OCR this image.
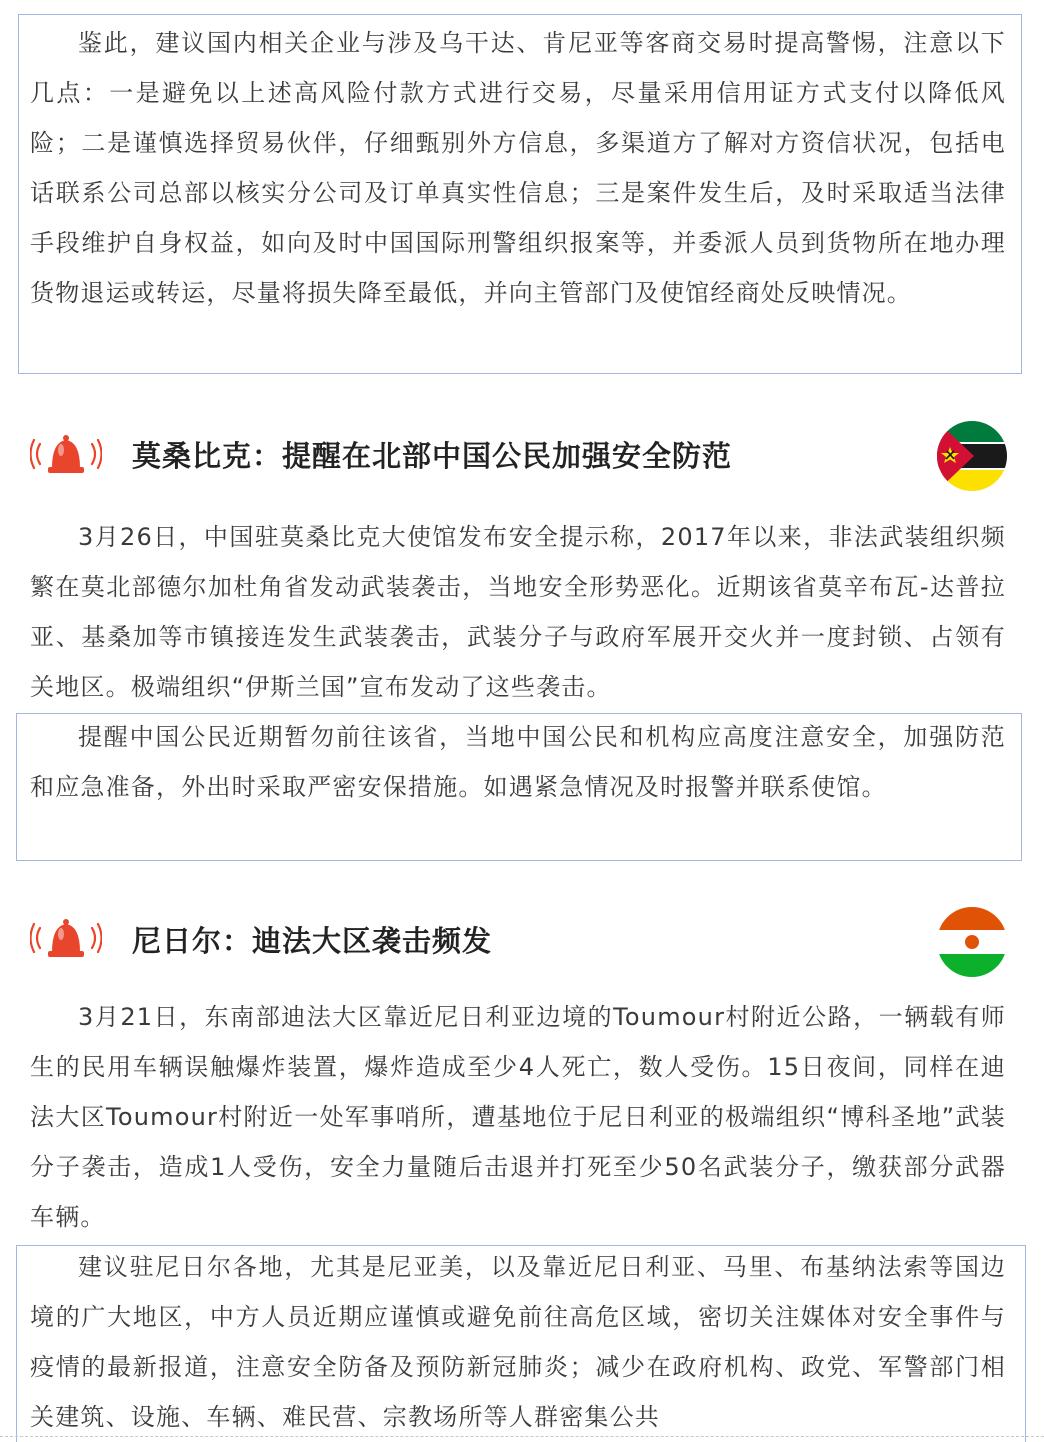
鉴此，建议国内相关企业与涉及乌干达、肯尼亚等客商交易时提高警惕，注意以下几点：一是避免以上述高风险付款方式进行交易，尽量采用信用证方式支付以降低风险；二是谨慎选择贸易伙伴，仔细甄别外方信息，多渠道方了解对方资信状况，包括电话联系公司总部以核实分公司及订单真实性信息；三是案件发生后，及时采取适当法律手段维护自身权益，如向及时中国国际刑警组织报案等，并委派人员到货物所在地办理货物退运或转运，尽量将损失降至最低，并向主管部门及使馆经商处反映情况。

莫桑比克：提醒在北部中国公民加强安全防范

3月26日，中国驻莫桑比克大使馆发布安全提示称，2017年以来，非法武装组织频繁在莫北部德尔加杜角省发动武装袭击，当地安全形势恶化。近期该省莫辛布瓦-达普拉亚、基桑加等市镇接连发生武装袭击，武装分子与政府军展开交火并一度封锁、占领有关地区。极端组织“伊斯兰国”宣布发动了这些袭击。

提醒中国公民近期暂勿前往该省，当地中国公民和机构应高度注意安全，加强防范和应急准备，外出时采取严密安保措施。如遇紧急情况及时报警并联系使馆。

尼日尔：迪法大区袭击频发

3月21日，东南部迪法大区靠近尼日利亚边境的Toumour村附近公路，一辆载有师生的民用车辆误触爆炸装置，爆炸造成至少4人死亡，数人受伤。15日夜间，同样在迪法大区Toumour村附近一处军事哨所，遭基地位于尼日利亚的极端组织“博科圣地”武装分子袭击，造成1人受伤，安全力量随后击退并打死至少50名武装分子，缴获部分武器车辆。

建议驻尼日尔各地，尤其是尼亚美，以及靠近尼日利亚、马里、布基纳法索等国边境的广大地区，中方人员近期应谨慎或避免前往高危区域，密切关注媒体对安全事件与疫情的最新报道，注意安全防备及预防新冠肺炎；减少在政府机构、政党、军警部门相关建筑、设施、车辆、难民营、宗教场所等人群密集公共
